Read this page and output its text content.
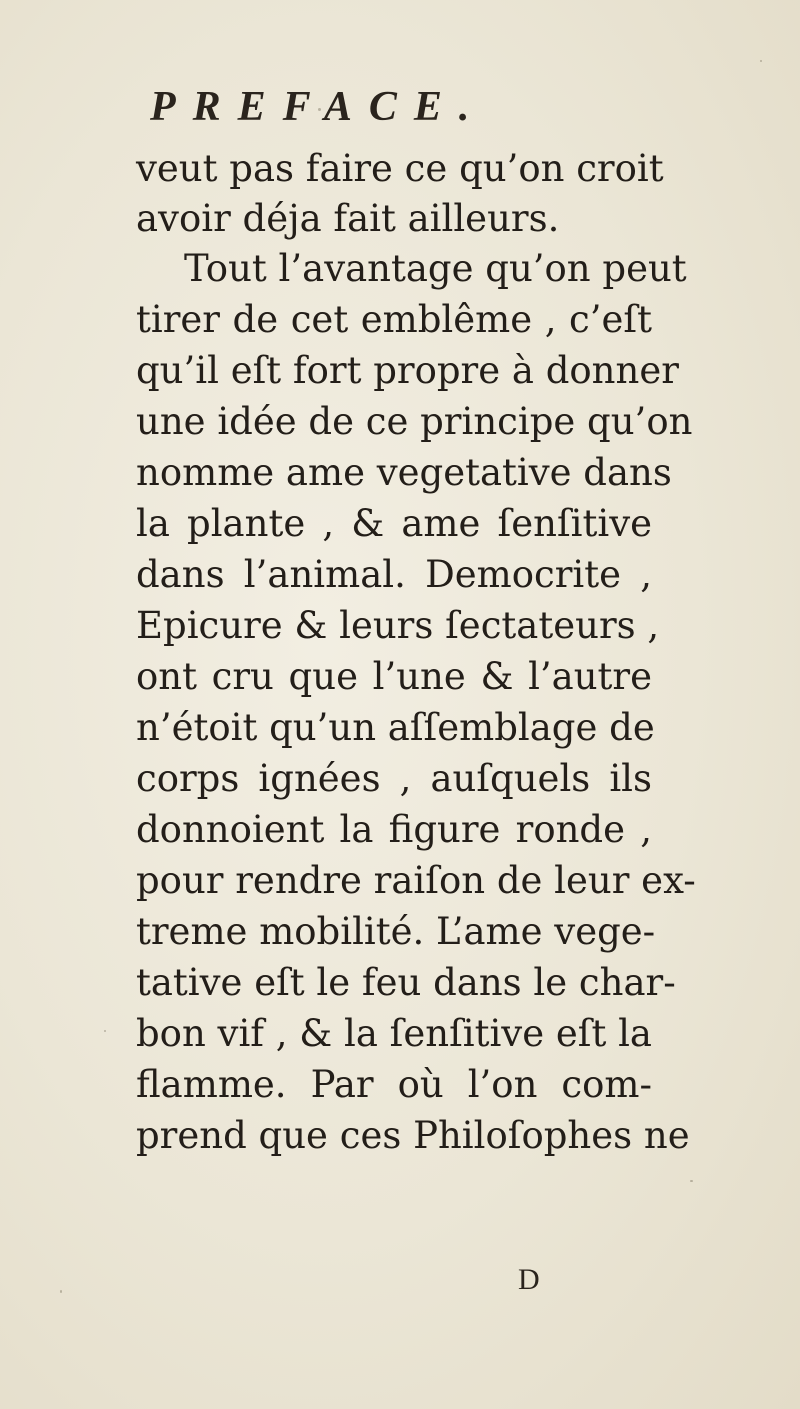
PREFACE.
veut pas faire ce qu’on croit
avoir déja fait ailleurs.
Tout l’avantage qu’on peut
tirer de cet emblême , c’eſt
qu’il eſt fort propre à donner
une idée de ce principe qu’on
nomme ame vegetative dans
la plante , & ame ſenſitive
dans l’animal. Democrite ,
Epicure & leurs ſectateurs ,
ont cru que l’une & l’autre
n’étoit qu’un aſſemblage de
corps ignées , auſquels ils
donnoient la figure ronde ,
pour rendre raiſon de leur ex-
treme mobilité. L’ame vege-
tative eſt le feu dans le char-
bon vif , & la ſenſitive eſt la
flamme. Par où l’on com-
prend que ces Philoſophes ne
D
